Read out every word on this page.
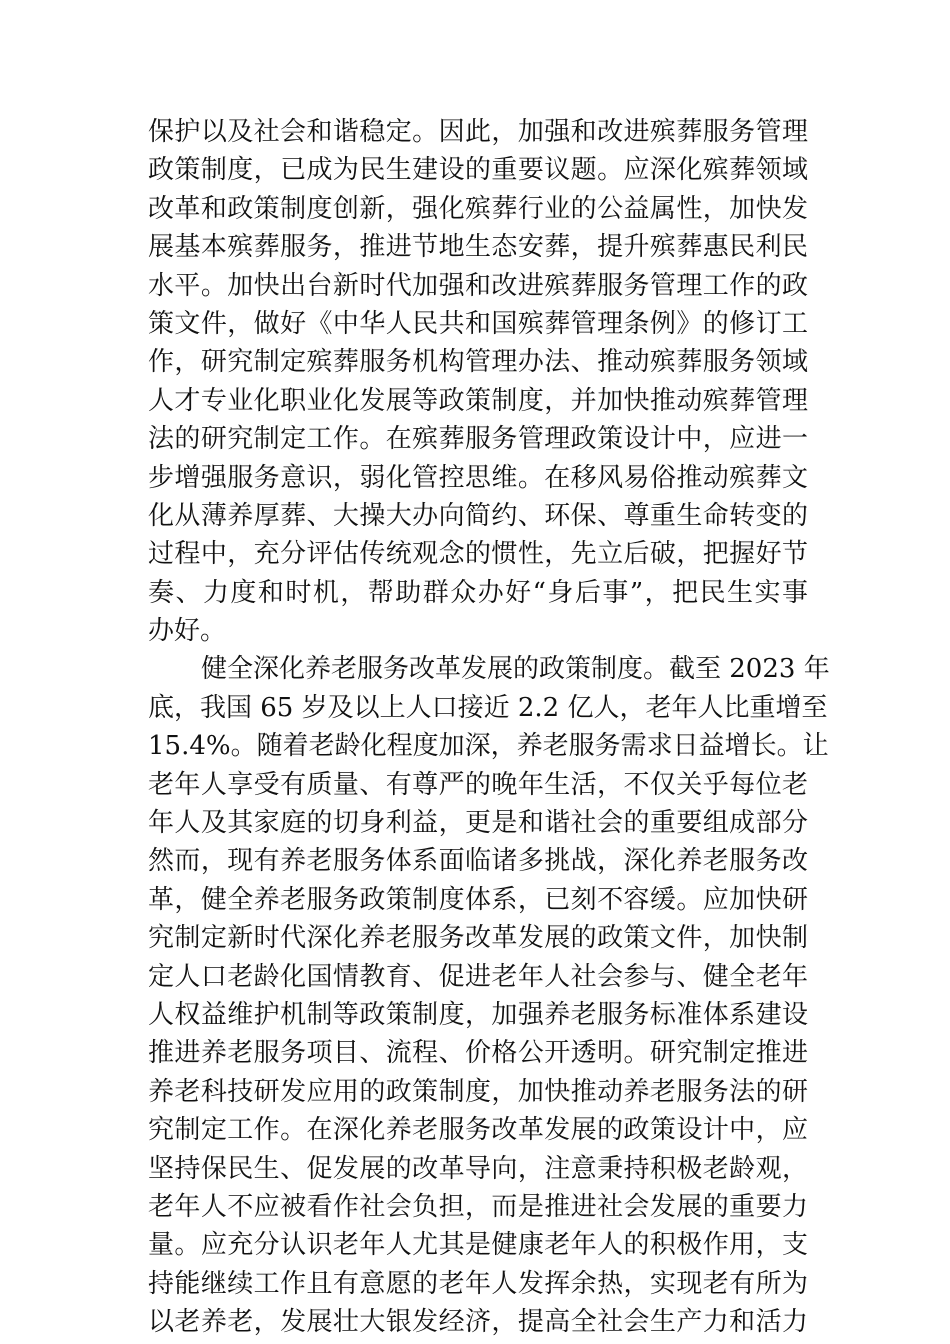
保护以及社会和谐稳定。因此，加强和改进殡葬服务管理
政策制度，已成为民生建设的重要议题。应深化殡葬领域
改革和政策制度创新，强化殡葬行业的公益属性，加快发
展基本殡葬服务，推进节地生态安葬，提升殡葬惠民利民
水平。加快出台新时代加强和改进殡葬服务管理工作的政
策文件，做好《中华人民共和国殡葬管理条例》的修订工
作，研究制定殡葬服务机构管理办法、推动殡葬服务领域
人才专业化职业化发展等政策制度，并加快推动殡葬管理
法的研究制定工作。在殡葬服务管理政策设计中，应进一
步增强服务意识，弱化管控思维。在移风易俗推动殡葬文
化从薄养厚葬、大操大办向简约、环保、尊重生命转变的
过程中，充分评估传统观念的惯性，先立后破，把握好节
奏、力度和时机，帮助群众办好“身后事”，把民生实事
办好。
健全深化养老服务改革发展的政策制度。截至 2023 年
底，我国 65 岁及以上人口接近 2.2 亿人，老年人比重增至
15.4%。随着老龄化程度加深，养老服务需求日益增长。让
老年人享受有质量、有尊严的晚年生活，不仅关乎每位老
年人及其家庭的切身利益，更是和谐社会的重要组成部分
然而，现有养老服务体系面临诸多挑战，深化养老服务改
革，健全养老服务政策制度体系，已刻不容缓。应加快研
究制定新时代深化养老服务改革发展的政策文件，加快制
定人口老龄化国情教育、促进老年人社会参与、健全老年
人权益维护机制等政策制度，加强养老服务标准体系建设
推进养老服务项目、流程、价格公开透明。研究制定推进
养老科技研发应用的政策制度，加快推动养老服务法的研
究制定工作。在深化养老服务改革发展的政策设计中，应
坚持保民生、促发展的改革导向，注意秉持积极老龄观，
老年人不应被看作社会负担，而是推进社会发展的重要力
量。应充分认识老年人尤其是健康老年人的积极作用，支
持能继续工作且有意愿的老年人发挥余热，实现老有所为
以老养老，发展壮大银发经济，提高全社会生产力和活力
